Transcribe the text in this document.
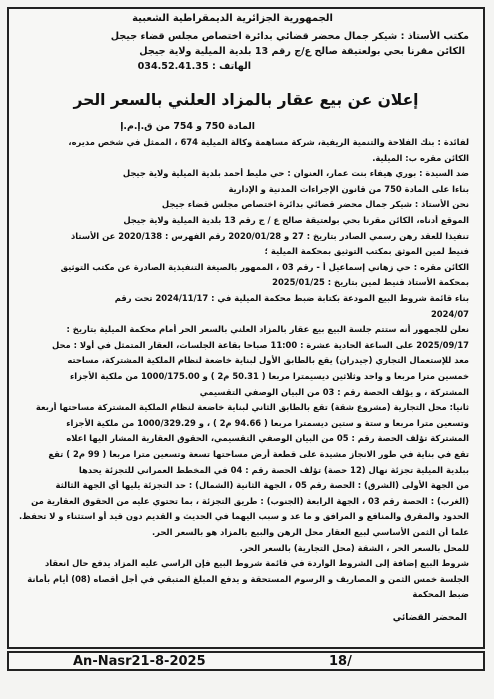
الجمهورية الجزائرية الديمقراطية الشعبية
مكتب الأستاذ : شيكر جمال محضر قضائي بدائرة اختصاص مجلس قضاء جيجل
الكائن مقرنا بحي بولعتيقة صالح ع/ج رقم 13 بلدية الميلية ولاية جيجل
الهاتف : 034.52.41.35
إعلان عن بيع عقار بالمزاد العلني بالسعر الحر
المادة 750 و 754 من ق.إ.م.إ
لفائدة : بنك الفلاحة والتنمية الريفية، شركة مساهمة وكالة الميلية 674 ، الممثل في شخص مديره،
الكائن مقره ب: الميلية.
ضد السيدة : بوري هيفاء بنت عمار، العنوان : حي مليط أحمد بلدية الميلية ولاية جيجل
بناءا على المادة 750 من قانون الإجراءات المدنية و الإدارية
نحن الأستاذ : شيكر جمال محضر قضائي بدائرة اختصاص مجلس قضاء جيجل
الموقع أدناه، الكائن مقرنا بحي بولعتيقة صالح ع / ج رقم 13 بلدية الميلية ولاية جيجل
تنفيذا للعقد رهن رسمي الصادر بتاريخ : 27 و 2020/01/28 رقم الفهرس : 2020/138 عن الأستاذ
فنيط لمين الموثق بمكتب التوثيق بمحكمة الميلية ؛
الكائن مقره : حي زهاني إسماعيل أ - رقم 03 ، الممهور بالصيغة التنفيذية الصادرة عن مكتب التوثيق
بمحكمة الأستاذ فنيط لمين بتاريخ : 2025/01/25
بناء قائمة شروط البيع المودعة بكتابة ضبط محكمة الميلية في : 2024/11/17 تحت رقم
2024/07
نعلن للجمهور أنه ستتم جلسة البيع بيع عقار بالمزاد العلني بالسعر الحر أمام محكمة الميلية بتاريخ :
2025/09/17 على الساعة الحادية عشرة : 11:00 صباحا بقاعة الجلسات، العقار المتمثل في أولا : محل
معد للإستعمال التجاري (جيدران) يقع بالطابق الأول لبناية خاضعة لنظام الملكية المشتركة، مساحته
خمسين مترا مربعا و واحد وثلاثين ديسيمترا مربعا ( 50.31 م2 ) و 1000/175.00 من ملكية الأجزاء
المشتركة ، و يؤلف الحصة رقم : 03 من البيان الوصفي التقسيمي
ثانيا: محل التجارية (مشروع شقة) تقع بالطابق الثاني لبناية خاضعة لنظام الملكية المشتركة مساحتها أربعة
وتسعين مترا مربعا و ستة و ستين ديسمترا مربعا ( 94.66 م2 ) ، و 1000/329.29 من ملكية الأجزاء
المشتركة تؤلف الحصة رقم : 05 من البيان الوصفي التقسيمي، الحقوق العقارية المشار اليها اعلاه
تقع في بناية في طور الانجاز مشيدة على قطعة أرض مساحتها تسعة وتسعين مترا مربعا ( 99 م2 ) تقع
ببلدية الميلية تجزئة نهال (12 حصة) تؤلف الحصة رقم : 04 في المخطط العمراني للتجزئة يحدها
من الجهة الأولى (الشرق) : الحصة رقم 05 ، الجهة الثانية (الشمال) : حد التجزئة يليها أي الجهة الثالثة
(الغرب) : الحصة رقم 03 ، الجهة الرابعة (الجنوب) : طريق التجزئة ، بما تحتوي عليه من الحقوق العقارية من
الحدود والمقرق والمنافع و المرافق و ما عد و سبب اليهما في الحديث و القديم دون قيد أو استثناء و لا تحفظ.
علما أن الثمن الأساسي لبيع العقار محل الرهن والبيع بالمزاد هو بالسعر الحر.
للمحل بالسعر الحر ، الشقة (محل التجارية) بالسعر الحر.
شروط البيع إضافة إلى الشروط الواردة في قائمة شروط البيع فإن الراسي عليه المزاد يدفع حال انعقاد
الجلسة خمس الثمن و المصاريف و الرسوم المستحقة و يدفع المبلغ المتبقي في أجل أقصاه (08) أيام بأمانة
ضبط المحكمة
المحضر القضائي
An-Nasr21-8-2025	18/
